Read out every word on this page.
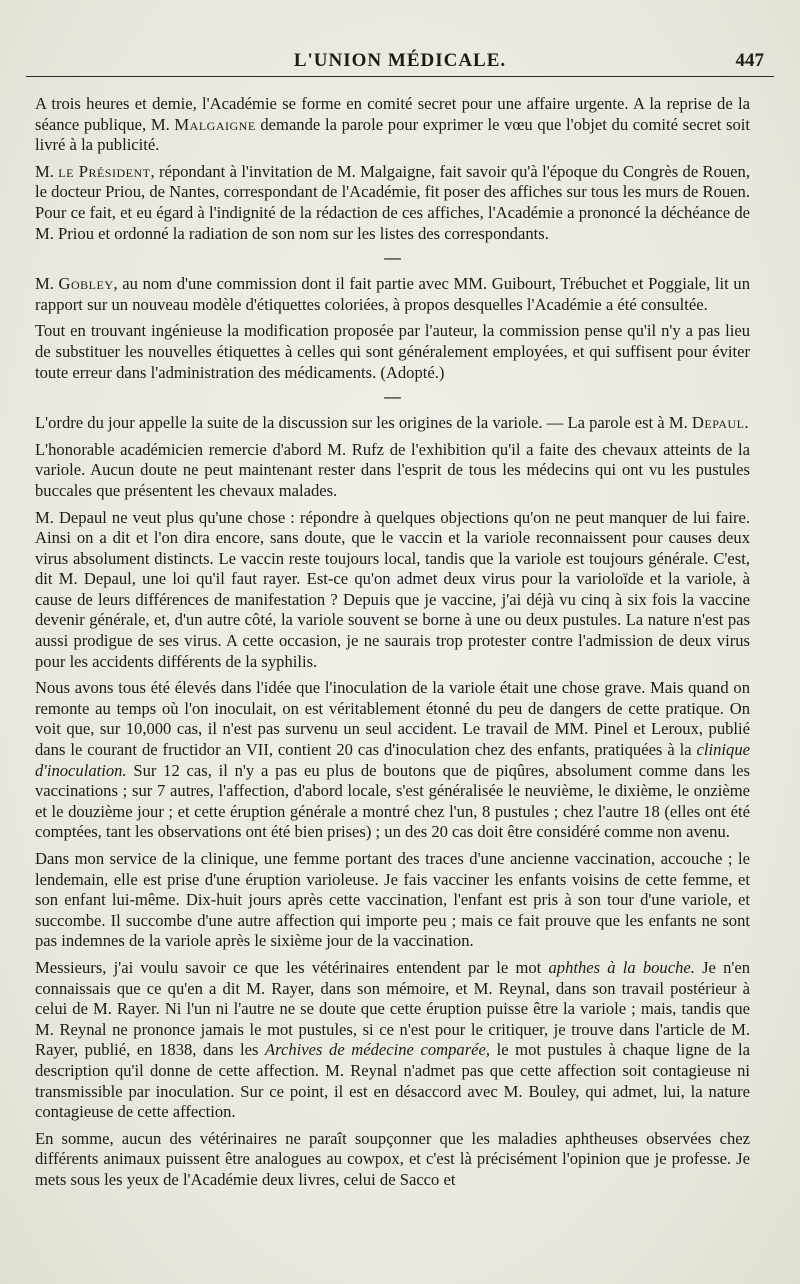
L'UNION MÉDICALE.	447

A trois heures et demie, l'Académie se forme en comité secret pour une affaire urgente. A la reprise de la séance publique, M. Malgaigne demande la parole pour exprimer le vœu que l'objet du comité secret soit livré à la publicité.

M. le Président, répondant à l'invitation de M. Malgaigne, fait savoir qu'à l'époque du Congrès de Rouen, le docteur Priou, de Nantes, correspondant de l'Académie, fit poser des affiches sur tous les murs de Rouen. Pour ce fait, et eu égard à l'indignité de la rédaction de ces affiches, l'Académie a prononcé la déchéance de M. Priou et ordonné la radiation de son nom sur les listes des correspondants.

—

M. Gobley, au nom d'une commission dont il fait partie avec MM. Guibourt, Trébuchet et Poggiale, lit un rapport sur un nouveau modèle d'étiquettes coloriées, à propos desquelles l'Académie a été consultée.

Tout en trouvant ingénieuse la modification proposée par l'auteur, la commission pense qu'il n'y a pas lieu de substituer les nouvelles étiquettes à celles qui sont généralement employées, et qui suffisent pour éviter toute erreur dans l'administration des médicaments. (Adopté.)

—

L'ordre du jour appelle la suite de la discussion sur les origines de la variole. — La parole est à M. Depaul.

L'honorable académicien remercie d'abord M. Rufz de l'exhibition qu'il a faite des chevaux atteints de la variole. Aucun doute ne peut maintenant rester dans l'esprit de tous les médecins qui ont vu les pustules buccales que présentent les chevaux malades.

M. Depaul ne veut plus qu'une chose : répondre à quelques objections qu'on ne peut manquer de lui faire. Ainsi on a dit et l'on dira encore, sans doute, que le vaccin et la variole reconnaissent pour causes deux virus absolument distincts. Le vaccin reste toujours local, tandis que la variole est toujours générale. C'est, dit M. Depaul, une loi qu'il faut rayer. Est-ce qu'on admet deux virus pour la varioloïde et la variole, à cause de leurs différences de manifestation ? Depuis que je vaccine, j'ai déjà vu cinq à six fois la vaccine devenir générale, et, d'un autre côté, la variole souvent se borne à une ou deux pustules. La nature n'est pas aussi prodigue de ses virus. A cette occasion, je ne saurais trop protester contre l'admission de deux virus pour les accidents différents de la syphilis.

Nous avons tous été élevés dans l'idée que l'inoculation de la variole était une chose grave. Mais quand on remonte au temps où l'on inoculait, on est véritablement étonné du peu de dangers de cette pratique. On voit que, sur 10,000 cas, il n'est pas survenu un seul accident. Le travail de MM. Pinel et Leroux, publié dans le courant de fructidor an VII, contient 20 cas d'inoculation chez des enfants, pratiquées à la clinique d'inoculation. Sur 12 cas, il n'y a pas eu plus de boutons que de piqûres, absolument comme dans les vaccinations ; sur 7 autres, l'affection, d'abord locale, s'est généralisée le neuvième, le dixième, le onzième et le douzième jour ; et cette éruption générale a montré chez l'un, 8 pustules ; chez l'autre 18 (elles ont été comptées, tant les observations ont été bien prises) ; un des 20 cas doit être considéré comme non avenu.

Dans mon service de la clinique, une femme portant des traces d'une ancienne vaccination, accouche ; le lendemain, elle est prise d'une éruption varioleuse. Je fais vacciner les enfants voisins de cette femme, et son enfant lui-même. Dix-huit jours après cette vaccination, l'enfant est pris à son tour d'une variole, et succombe. Il succombe d'une autre affection qui importe peu ; mais ce fait prouve que les enfants ne sont pas indemnes de la variole après le sixième jour de la vaccination.

Messieurs, j'ai voulu savoir ce que les vétérinaires entendent par le mot aphthes à la bouche. Je n'en connaissais que ce qu'en a dit M. Rayer, dans son mémoire, et M. Reynal, dans son travail postérieur à celui de M. Rayer. Ni l'un ni l'autre ne se doute que cette éruption puisse être la variole ; mais, tandis que M. Reynal ne prononce jamais le mot pustules, si ce n'est pour le critiquer, je trouve dans l'article de M. Rayer, publié, en 1838, dans les Archives de médecine comparée, le mot pustules à chaque ligne de la description qu'il donne de cette affection. M. Reynal n'admet pas que cette affection soit contagieuse ni transmissible par inoculation. Sur ce point, il est en désaccord avec M. Bouley, qui admet, lui, la nature contagieuse de cette affection.

En somme, aucun des vétérinaires ne paraît soupçonner que les maladies aphtheuses observées chez différents animaux puissent être analogues au cowpox, et c'est là précisément l'opinion que je professe. Je mets sous les yeux de l'Académie deux livres, celui de Sacco et
